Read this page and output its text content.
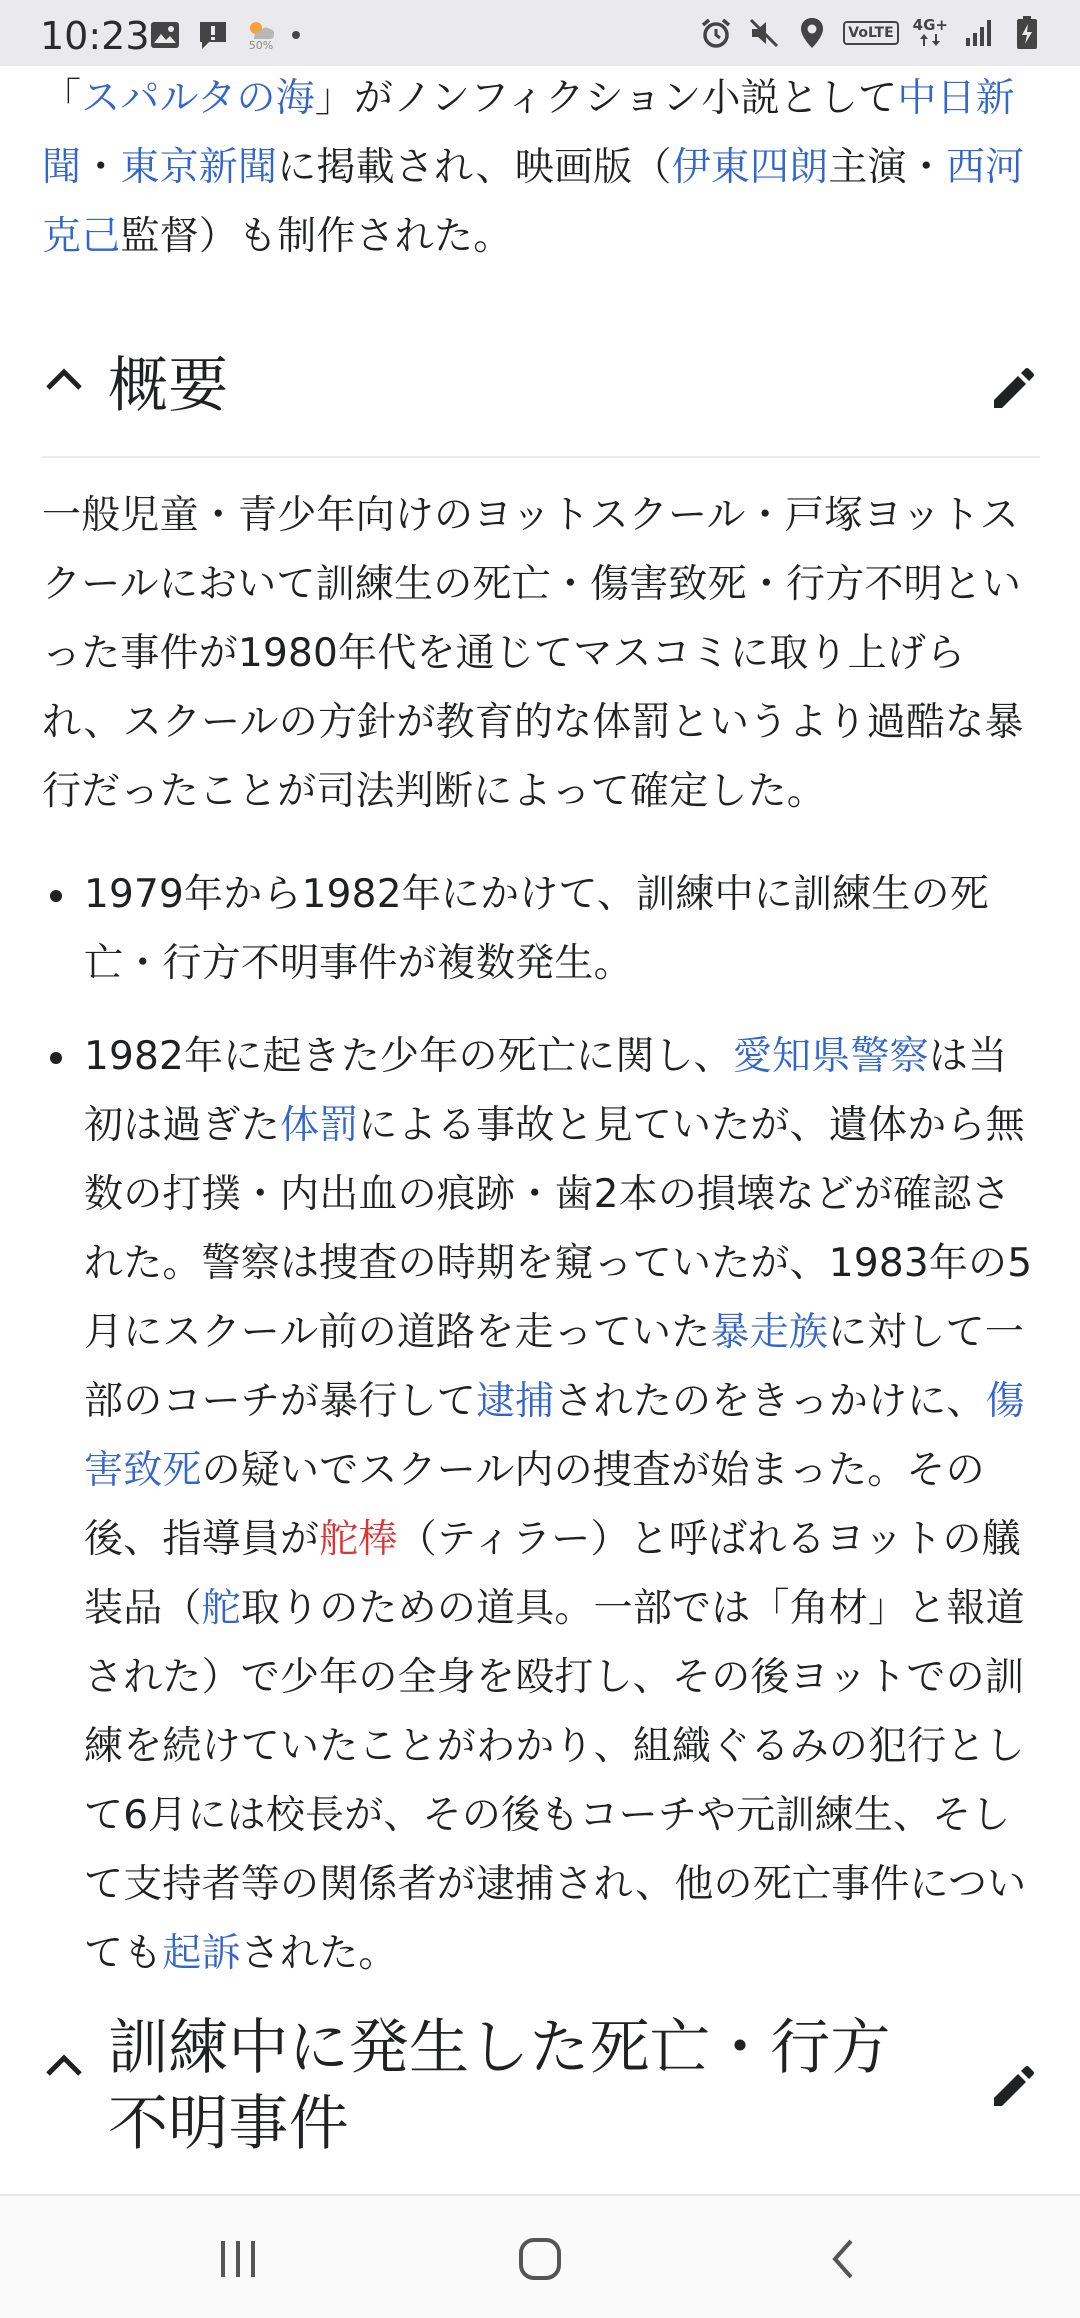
10:23	50%
VoLTE	4G+

「スパルタの海」がノンフィクション小説として中日新聞・東京新聞に掲載され、映画版（伊東四朗主演・西河克己監督）も制作された。

概要

一般児童・青少年向けのヨットスクール・戸塚ヨットスクールにおいて訓練生の死亡・傷害致死・行方不明といった事件が1980年代を通じてマスコミに取り上げられ、スクールの方針が教育的な体罰というより過酷な暴行だったことが司法判断によって確定した。

1979年から1982年にかけて、訓練中に訓練生の死亡・行方不明事件が複数発生。
1982年に起きた少年の死亡に関し、愛知県警察は当初は過ぎた体罰による事故と見ていたが、遺体から無数の打撲・内出血の痕跡・歯2本の損壊などが確認された。警察は捜査の時期を窺っていたが、1983年の5月にスクール前の道路を走っていた暴走族に対して一部のコーチが暴行して逮捕されたのをきっかけに、傷害致死の疑いでスクール内の捜査が始まった。その後、指導員が舵棒（ティラー）と呼ばれるヨットの艤装品（舵取りのための道具。一部では「角材」と報道された）で少年の全身を殴打し、その後ヨットでの訓練を続けていたことがわかり、組織ぐるみの犯行として6月には校長が、その後もコーチや元訓練生、そして支持者等の関係者が逮捕され、他の死亡事件についても起訴された。
訓練中に発生した死亡・行方不明事件
